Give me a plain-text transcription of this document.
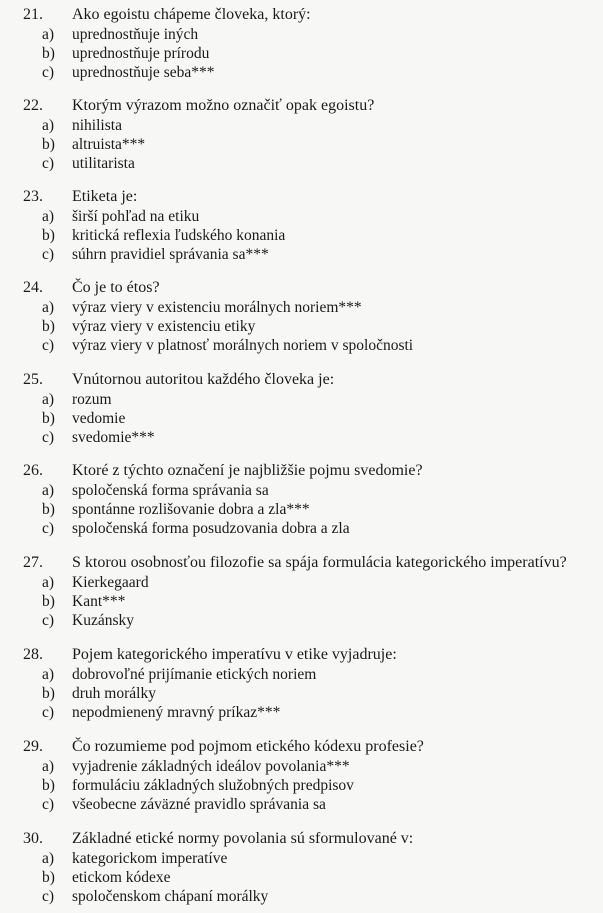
21. Ako egoistu chápeme človeka, ktorý:
a) uprednostňuje iných
b) uprednostňuje prírodu
c) uprednostňuje seba***
22. Ktorým výrazom možno označiť opak egoistu?
a) nihilista
b) altruista***
c) utilitarista
23. Etiketa je:
a) širší pohľad na etiku
b) kritická reflexia ľudského konania
c) súhrn pravidiel správania sa***
24. Čo je to étos?
a) výraz viery v existenciu morálnych noriem***
b) výraz viery v existenciu etiky
c) výraz viery v platnosť morálnych noriem v spoločnosti
25. Vnútornou autoritou každého človeka je:
a) rozum
b) vedomie
c) svedomie***
26. Ktoré z týchto označení je najbližšie pojmu svedomie?
a) spoločenská forma správania sa
b) spontánne rozlišovanie dobra a zla***
c) spoločenská forma posudzovania dobra a zla
27. S ktorou osobnosťou filozofie sa spája formulácia kategorického imperatívu?
a) Kierkegaard
b) Kant***
c) Kuzánsky
28. Pojem kategorického imperatívu v etike vyjadruje:
a) dobrovoľné prijímanie etických noriem
b) druh morálky
c) nepodmienený mravný príkaz***
29. Čo rozumieme pod pojmom etického kódexu profesie?
a) vyjadrenie základných ideálov povolania***
b) formuláciu základných služobných predpisov
c) všeobecne záväzné pravidlo správania sa
30. Základné etické normy povolania sú sformulované v:
a) kategorickom imperatíve
b) etickom kódexe
c) spoločenskom chápaní morálky
